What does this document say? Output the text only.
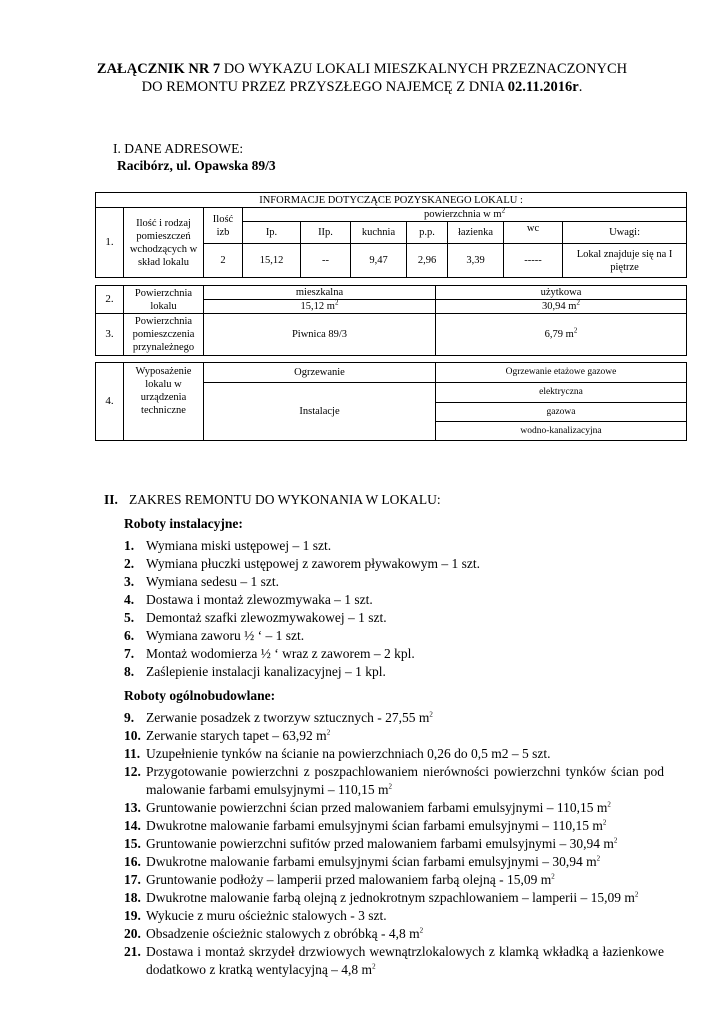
ZAŁĄCZNIK NR 7 DO WYKAZU LOKALI MIESZKALNYCH PRZEZNACZONYCH
DO REMONTU PRZEZ PRZYSZŁEGO NAJEMCĘ Z DNIA 02.11.2016r.
I. DANE ADRESOWE:
Racibórz, ul. Opawska 89/3
INFORMACJE DOTYCZĄCE POZYSKANEGO LOKALU :									
1.	Ilość i rodzaj pomieszczeń wchodzących w skład lokalu	Ilość izb	powierzchnia w $m^2$
			Ip.	IIp.	kuchnia	p.p.	łazienka	wc	Uwagi:
		2	15,12	--	9,47	2,96	3,39	-----	Lokal znajduje się na I piętrze
2.	Powierzchnia lokalu	mieszkalna	użytkowa
		15,12 $m^2$	30,94 $m^2$
3.	Powierzchnia pomieszczenia przynależnego	Piwnica 89/3	6,79 $m^2$
4.	Wyposażenie lokalu w urządzenia techniczne	Ogrzewanie	Ogrzewanie etażowe gazowe
		Instalacje	elektryczna
			gazowa
			wodno-kanalizacyjna
II. ZAKRES REMONTU DO WYKONANIA W LOKALU:
Roboty instalacyjne:
1. Wymiana miski ustępowej – 1 szt.
2. Wymiana płuczki ustępowej z zaworem pływakowym – 1 szt.
3. Wymiana sedesu – 1 szt.
4. Dostawa i montaż zlewozmywaka – 1 szt.
5. Demontaż szafki zlewozmywakowej – 1 szt.
6. Wymiana zaworu ½ ‘ – 1 szt.
7. Montaż wodomierza ½ ‘ wraz z zaworem – 2 kpl.
8. Zaślepienie instalacji kanalizacyjnej – 1 kpl.
Roboty ogólnobudowlane:
9. Zerwanie posadzek z tworzyw sztucznych - 27,55 $m^2$
10. Zerwanie starych tapet – 63,92 $m^2$
11. Uzupełnienie tynków na ścianie na powierzchniach 0,26 do 0,5 m2 – 5 szt.
12. Przygotowanie powierzchni z poszpachlowaniem nierówności powierzchni tynków ścian pod malowanie farbami emulsyjnymi – 110,15 $m^2$
13. Gruntowanie powierzchni ścian przed malowaniem farbami emulsyjnymi – 110,15 $m^2$
14. Dwukrotne malowanie farbami emulsyjnymi ścian farbami emulsyjnymi – 110,15 $m^2$
15. Gruntowanie powierzchni sufitów przed malowaniem farbami emulsyjnymi – 30,94 $m^2$
16. Dwukrotne malowanie farbami emulsyjnymi ścian farbami emulsyjnymi – 30,94 $m^2$
17. Gruntowanie podłoży – lamperii przed malowaniem farbą olejną - 15,09 $m^2$
18. Dwukrotne malowanie farbą olejną z jednokrotnym szpachlowaniem – lamperii – 15,09 $m^2$
19. Wykucie z muru ościeżnic stalowych - 3 szt.
20. Obsadzenie ościeżnic stalowych z obróbką - 4,8 $m^2$
21. Dostawa i montaż skrzydeł drzwiowych wewnątrzlokalowych z klamką wkładką a łazienkowe dodatkowo z kratką wentylacyjną – 4,8 $m^2$
